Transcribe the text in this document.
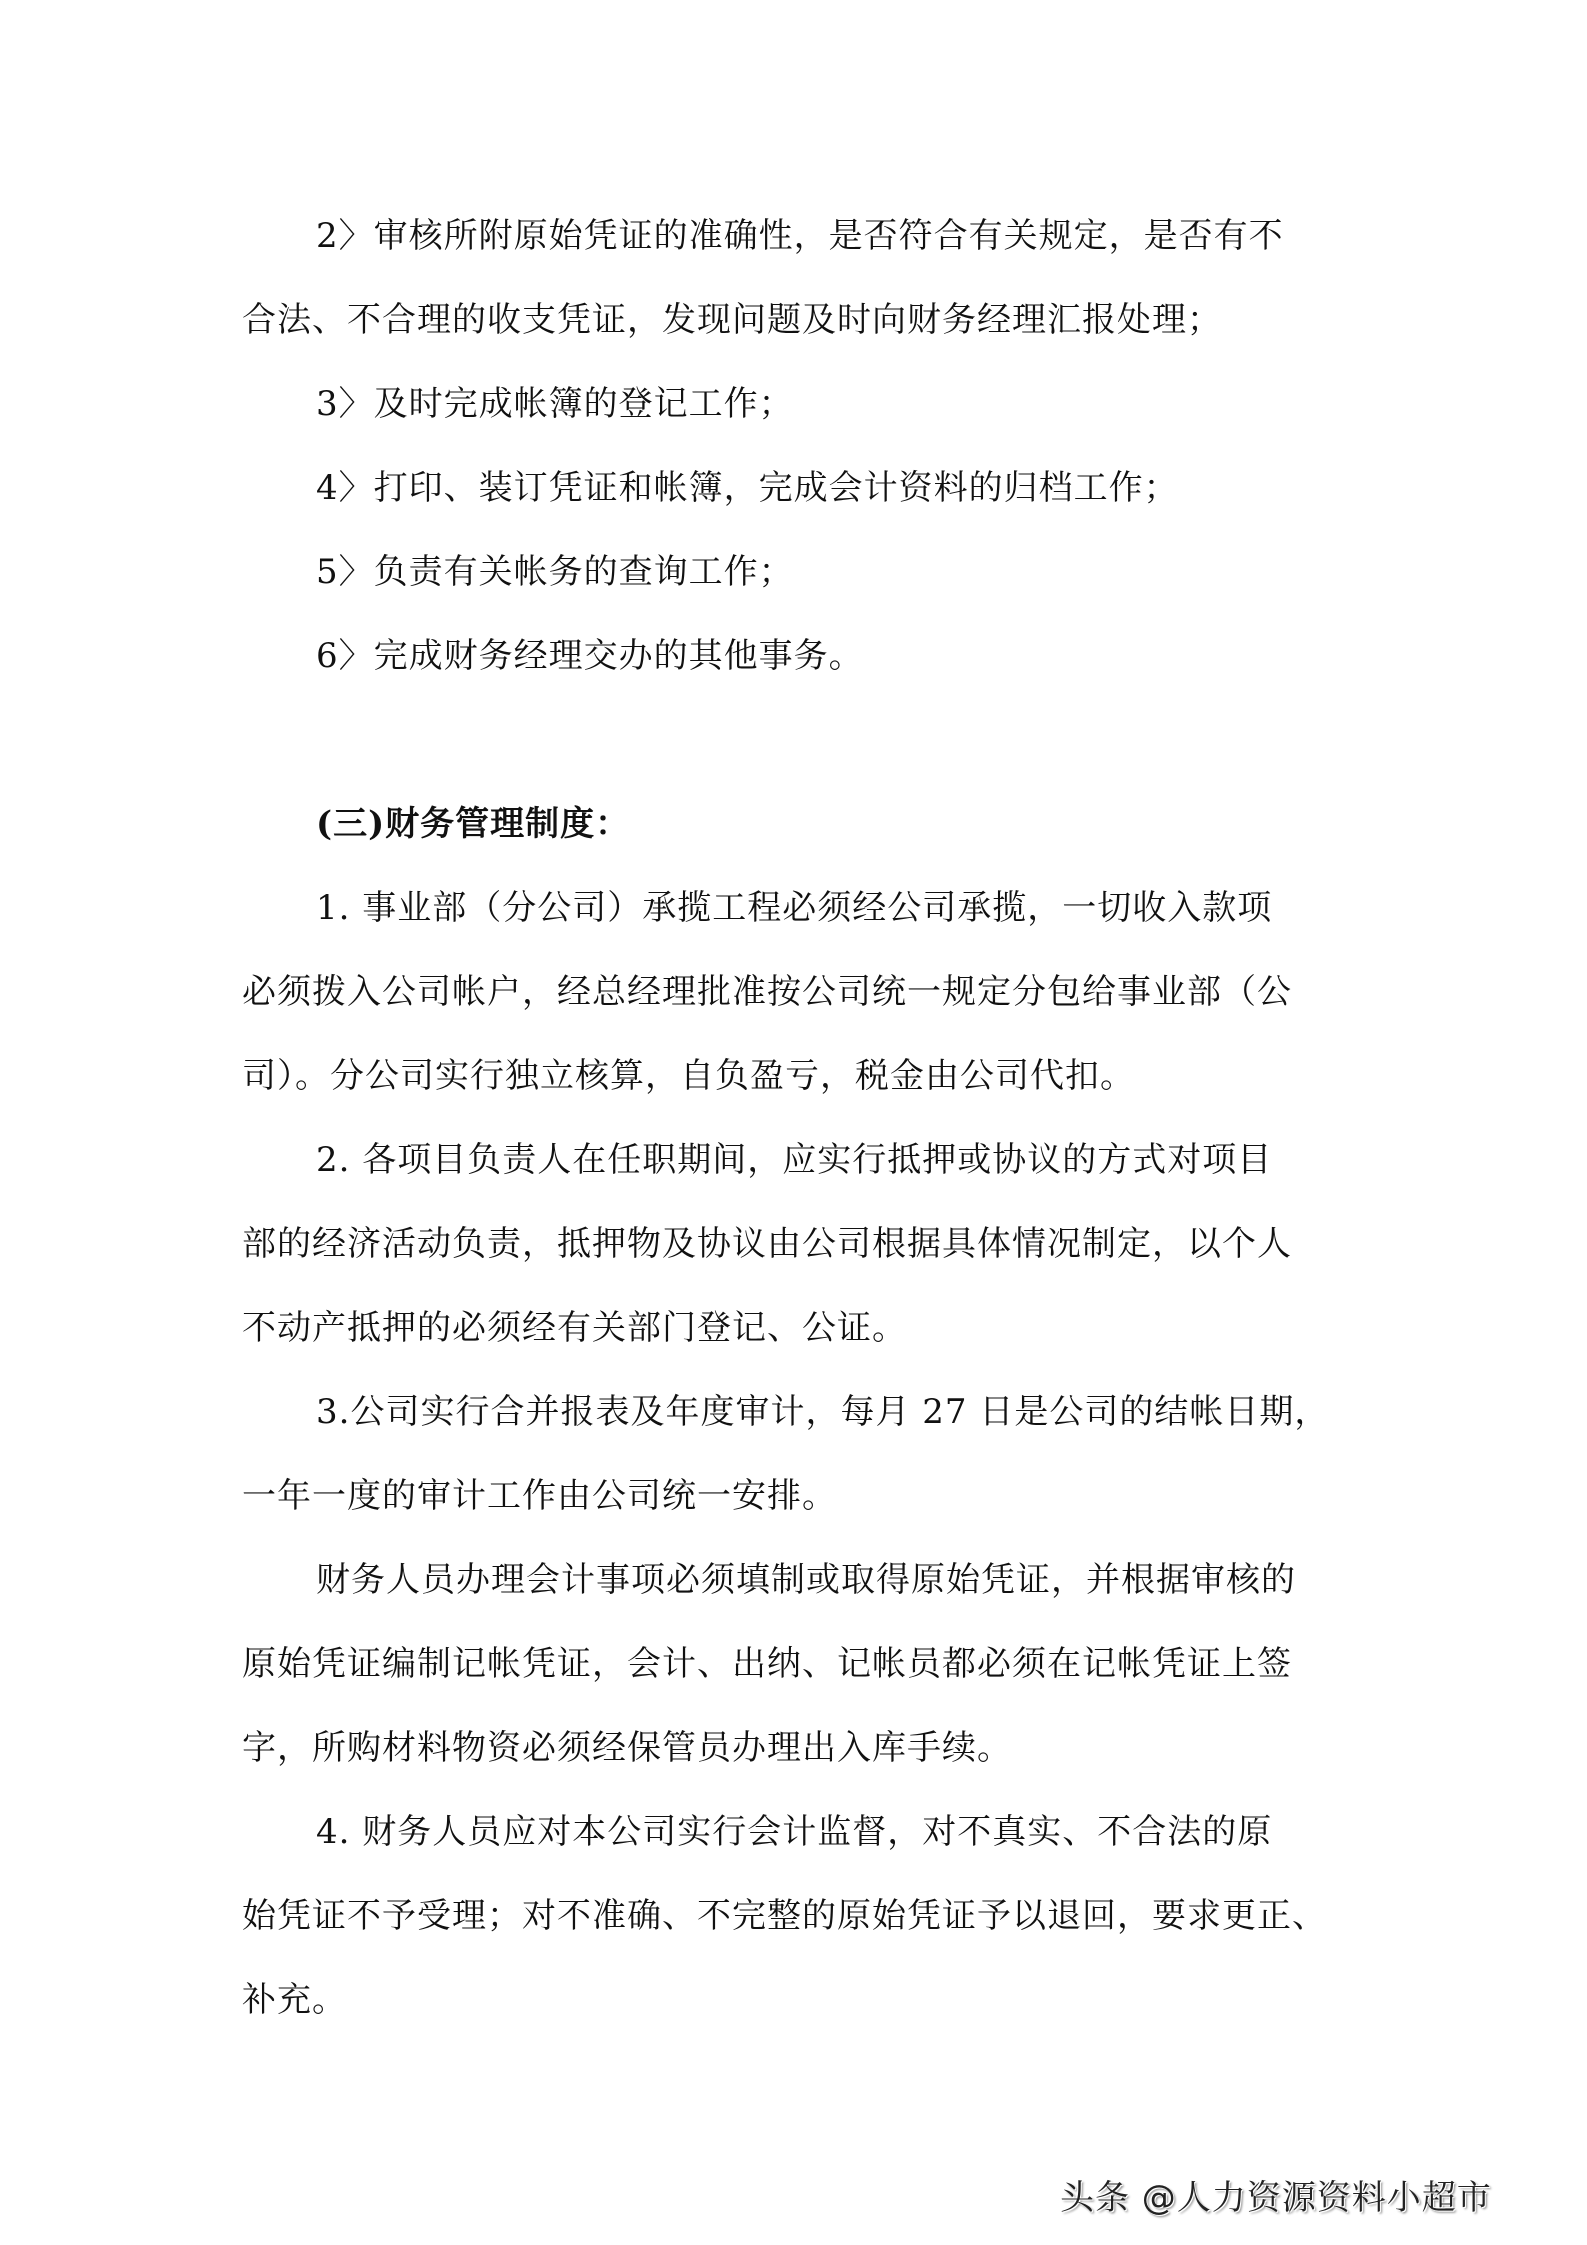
2〉审核所附原始凭证的准确性，是否符合有关规定，是否有不
合法、不合理的收支凭证，发现问题及时向财务经理汇报处理；
3〉及时完成帐簿的登记工作；
4〉打印、装订凭证和帐簿，完成会计资料的归档工作；
5〉负责有关帐务的查询工作；
6〉完成财务经理交办的其他事务。
(三)财务管理制度：
1. 事业部（分公司）承揽工程必须经公司承揽，一切收入款项
必须拨入公司帐户，经总经理批准按公司统一规定分包给事业部（公
司）。分公司实行独立核算，自负盈亏，税金由公司代扣。
2. 各项目负责人在任职期间，应实行抵押或协议的方式对项目
部的经济活动负责，抵押物及协议由公司根据具体情况制定，以个人
不动产抵押的必须经有关部门登记、公证。
3.公司实行合并报表及年度审计，每月 27 日是公司的结帐日期，
一年一度的审计工作由公司统一安排。
财务人员办理会计事项必须填制或取得原始凭证，并根据审核的
原始凭证编制记帐凭证，会计、出纳、记帐员都必须在记帐凭证上签
字，所购材料物资必须经保管员办理出入库手续。
4. 财务人员应对本公司实行会计监督，对不真实、不合法的原
始凭证不予受理；对不准确、不完整的原始凭证予以退回，要求更正、
补充。
头条 @人力资源资料小超市
